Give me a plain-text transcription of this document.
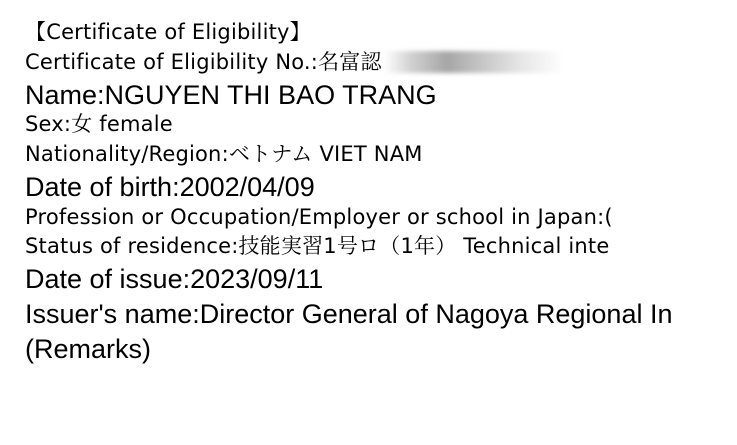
【Certificate of Eligibility】
Certificate of Eligibility No.:名富認
Name:NGUYEN THI BAO TRANG
Sex:女 female
Nationality/Region:ベトナム VIET NAM
Date of birth:2002/04/09
Profession or Occupation/Employer or school in Japan:(
Status of residence:技能実習1号ロ（1年） Technical inte
Date of issue:2023/09/11
Issuer's name:Director General of Nagoya Regional In
(Remarks)
